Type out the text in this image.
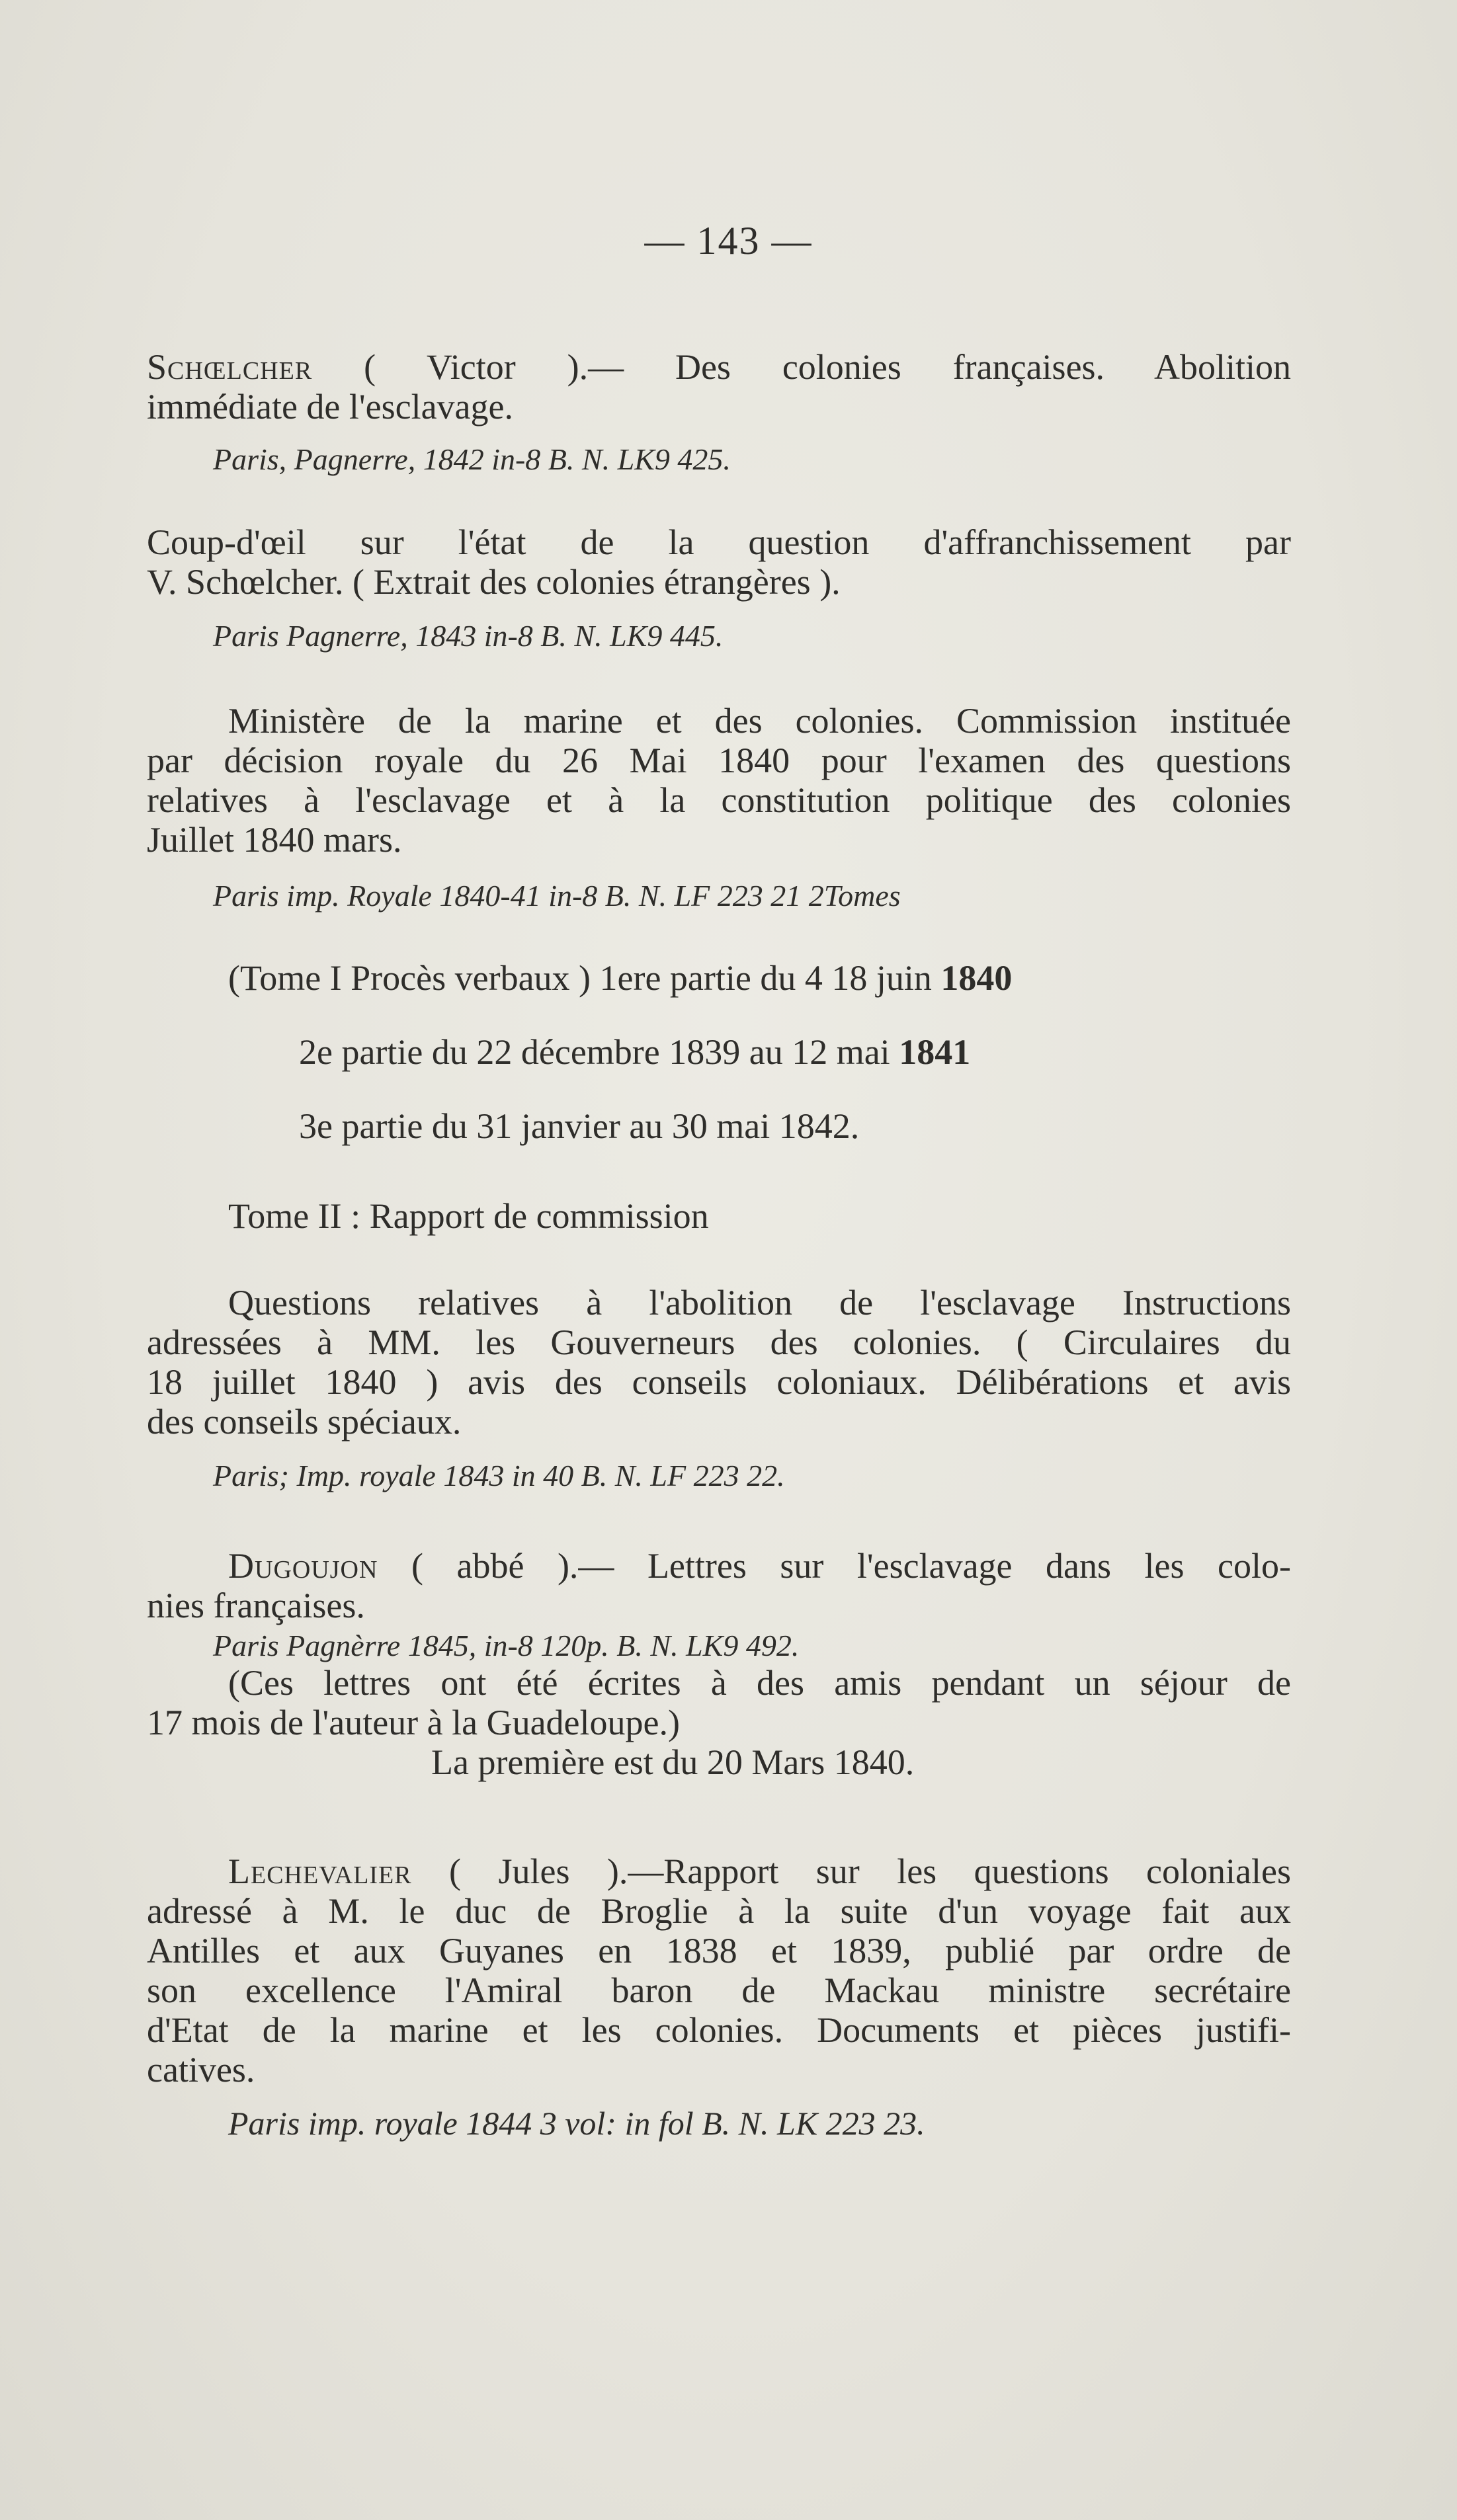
— 143 —
Schœlcher ( Victor ).— Des colonies françaises. Abolition
immédiate de l'esclavage.
Paris, Pagnerre, 1842 in-8 B. N. LK9 425.
Coup-d'œil sur l'état de la question d'affranchissement par
V. Schœlcher. ( Extrait des colonies étrangères ).
Paris Pagnerre, 1843 in-8 B. N. LK9 445.
Ministère de la marine et des colonies. Commission instituée
par décision royale du 26 Mai 1840 pour l'examen des questions
relatives à l'esclavage et à la constitution politique des colonies
Juillet 1840 mars.
Paris imp. Royale 1840-41 in-8 B. N. LF 223 21 2Tomes
(Tome I Procès verbaux ) 1ere partie du 4 18 juin 1840
2e partie du 22 décembre 1839 au 12 mai 1841
3e partie du 31 janvier au 30 mai 1842.
Tome II : Rapport de commission
Questions relatives à l'abolition de l'esclavage Instructions
adressées à MM. les Gouverneurs des colonies. ( Circulaires du
18 juillet 1840 ) avis des conseils coloniaux. Délibérations et avis
des conseils spéciaux.
Paris; Imp. royale 1843 in 40 B. N. LF 223 22.
Dugoujon ( abbé ).— Lettres sur l'esclavage dans les colo-
nies françaises.
Paris Pagnèrre 1845, in-8 120p. B. N. LK9 492.
(Ces lettres ont été écrites à des amis pendant un séjour de
17 mois de l'auteur à la Guadeloupe.)
La première est du 20 Mars 1840.
Lechevalier ( Jules ).—Rapport sur les questions coloniales
adressé à M. le duc de Broglie à la suite d'un voyage fait aux
Antilles et aux Guyanes en 1838 et 1839, publié par ordre de
son excellence l'Amiral baron de Mackau ministre secrétaire
d'Etat de la marine et les colonies. Documents et pièces justifi-
catives.
Paris imp. royale 1844 3 vol: in fol B. N. LK 223 23.
